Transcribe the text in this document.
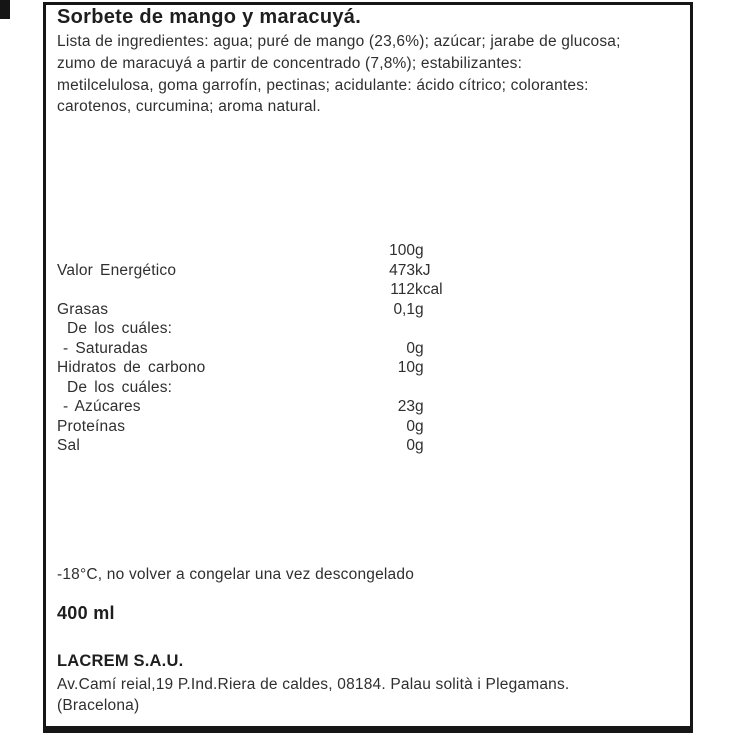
Sorbete de mango y maracuyá.
Lista de ingredientes: agua; puré de mango (23,6%); azúcar; jarabe de glucosa;
zumo de maracuyá a partir de concentrado (7,8%); estabilizantes:
metilcelulosa, goma garrofín, pectinas; acidulante: ácido cítrico; colorantes:
carotenos, curcumina; aroma natural.
100 g
Valor Energético	473 kJ
112 kcal
Grasas	0,1 g
De los cuáles:
- Saturadas	0 g
Hidratos de carbono	10 g
De los cuáles:
- Azúcares	23 g
Proteínas	0 g
Sal	0 g
-18°C, no volver a congelar una vez descongelado
400 ml
LACREM S.A.U.
Av.Camí reial,19 P.Ind.Riera de caldes, 08184. Palau solità i Plegamans.
(Bracelona)
